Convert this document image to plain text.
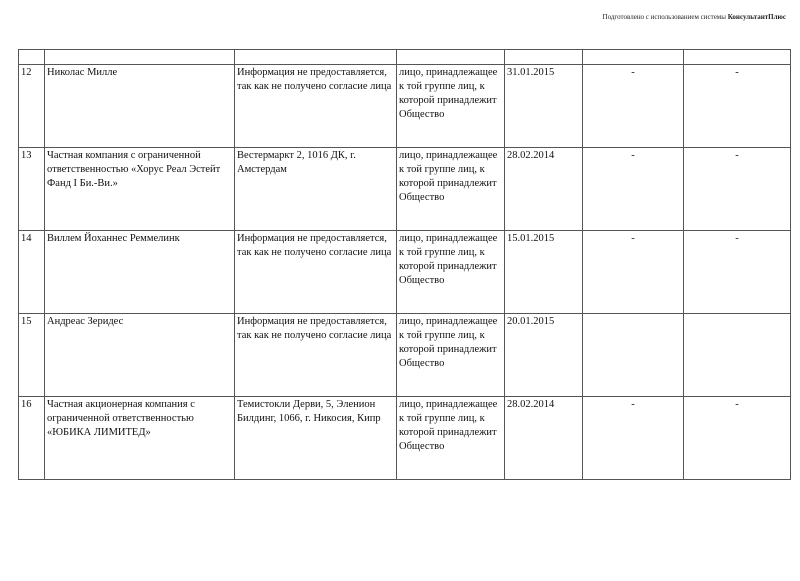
Подготовлено с использованием системы КонсультантПлюс

12	Николас Милле	Информация не предоставляется, так как не получено согласие лица	лицо, принадлежащее к той группе лиц, к которой принадлежит Общество	31.01.2015	-	-
13	Частная компания с ограниченной ответственностью «Хорус Реал Эстейт Фанд I Би.-Ви.»	Вестермаркт 2, 1016 ДК, г. Амстердам	лицо, принадлежащее к той группе лиц, к которой принадлежит Общество	28.02.2014	-	-
14	Виллем Йоханнес Реммелинк	Информация не предоставляется, так как не получено согласие лица	лицо, принадлежащее к той группе лиц, к которой принадлежит Общество	15.01.2015	-	-
15	Андреас Зеридес	Информация не предоставляется, так как не получено согласие лица	лицо, принадлежащее к той группе лиц, к которой принадлежит Общество	20.01.2015		
16	Частная акционерная компания с ограниченной ответственностью «ЮБИКА ЛИМИТЕД»	Темистокли Дерви, 5, Эленион Билдинг, 1066, г. Никосия, Кипр	лицо, принадлежащее к той группе лиц, к которой принадлежит Общество	28.02.2014	-	-
